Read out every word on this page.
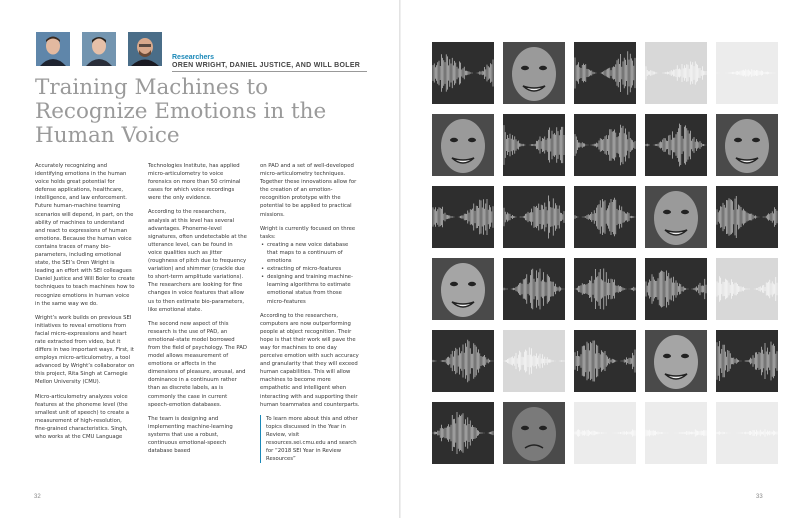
Researchers
OREN WRIGHT, DANIEL JUSTICE, AND WILL BOLER
Training Machines to Recognize Emotions in the Human Voice

Accurately recognizing and identifying emotions in the human voice holds great potential for defense applications, healthcare, intelligence, and law enforcement. Future human-machine teaming scenarios will depend, in part, on the ability of machines to understand and react to expressions of human emotions. Because the human voice contains traces of many bio-parameters, including emotional state, the SEI’s Oren Wright is leading an effort with SEI colleagues Daniel Justice and Will Boler to create techniques to teach machines how to recognize emotions in human voice in the same way we do.

Wright’s work builds on previous SEI initiatives to reveal emotions from facial micro-expressions and heart rate extracted from video, but it differs in two important ways. First, it employs micro-articulometry, a tool advanced by Wright’s collaborator on this project, Rita Singh at Carnegie Mellon University (CMU).

Micro-articulometry analyzes voice features at the phoneme level (the smallest unit of speech) to create a measurement of high-resolution, fine-grained characteristics. Singh, who works at the CMU Language

Technologies Institute, has applied micro-articulometry to voice forensics on more than 50 criminal cases for which voice recordings were the only evidence.

According to the researchers, analysis at this level has several advantages. Phoneme-level signatures, often undetectable at the utterance level, can be found in voice qualities such as jitter (roughness of pitch due to frequency variation) and shimmer (crackle due to short-term amplitude variations). The researchers are looking for fine changes in voice features that allow us to then estimate bio-parameters, like emotional state.

The second new aspect of this research is the use of PAD, an emotional-state model borrowed from the field of psychology. The PAD model allows measurement of emotions or affects in the dimensions of pleasure, arousal, and dominance in a continuum rather than as discrete labels, as is commonly the case in current speech-emotion databases.

The team is designing and implementing machine-learning systems that use a robust, continuous emotional-speech database based

on PAD and a set of well-developed micro-articulometry techniques. Together these innovations allow for the creation of an emotion-recognition prototype with the potential to be applied to practical missions.

Wright is currently focused on three tasks:

• creating a new voice database that maps to a continuum of emotions
• extracting of micro-features
• designing and training machine-learning algorithms to estimate emotional status from those micro-features

According to the researchers, computers are now outperforming people at object recognition. Their hope is that their work will pave the way for machines to one day perceive emotion with such accuracy and granularity that they will exceed human capabilities. This will allow machines to become more empathetic and intelligent when interacting with and supporting their human teammates and counterparts.

To learn more about this and other topics discussed in the Year in Review, visit resources.sei.cmu.edu and search for “2018 SEI Year in Review Resources”

32	33
